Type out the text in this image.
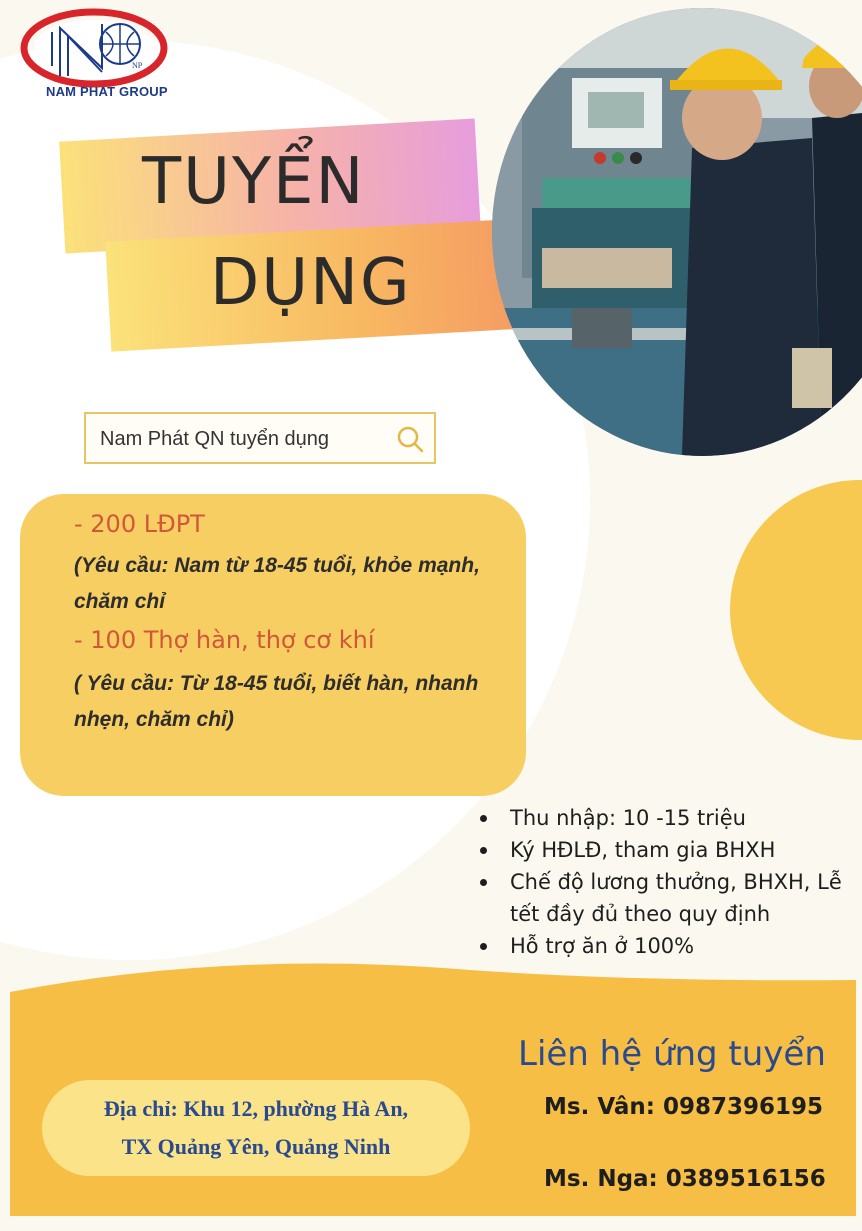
NP
NAM PHAT GROUP
TUYỂN
DỤNG
Nam Phát QN tuyển dụng
- 200 LĐPT
(Yêu cầu: Nam từ 18-45 tuổi, khỏe mạnh, chăm chỉ
- 100 Thợ hàn, thợ cơ khí
( Yêu cầu: Từ 18-45 tuổi, biết hàn, nhanh nhẹn, chăm chỉ)
Thu nhập: 10 -15 triệu
Ký HĐLĐ, tham gia BHXH
Chế độ lương thưởng, BHXH, Lễ tết đầy đủ theo quy định
Hỗ trợ ăn ở 100%
Địa chỉ: Khu 12, phường Hà An,
TX Quảng Yên, Quảng Ninh
Liên hệ ứng tuyển
Ms. Vân: 0987396195
Ms. Nga: 0389516156
